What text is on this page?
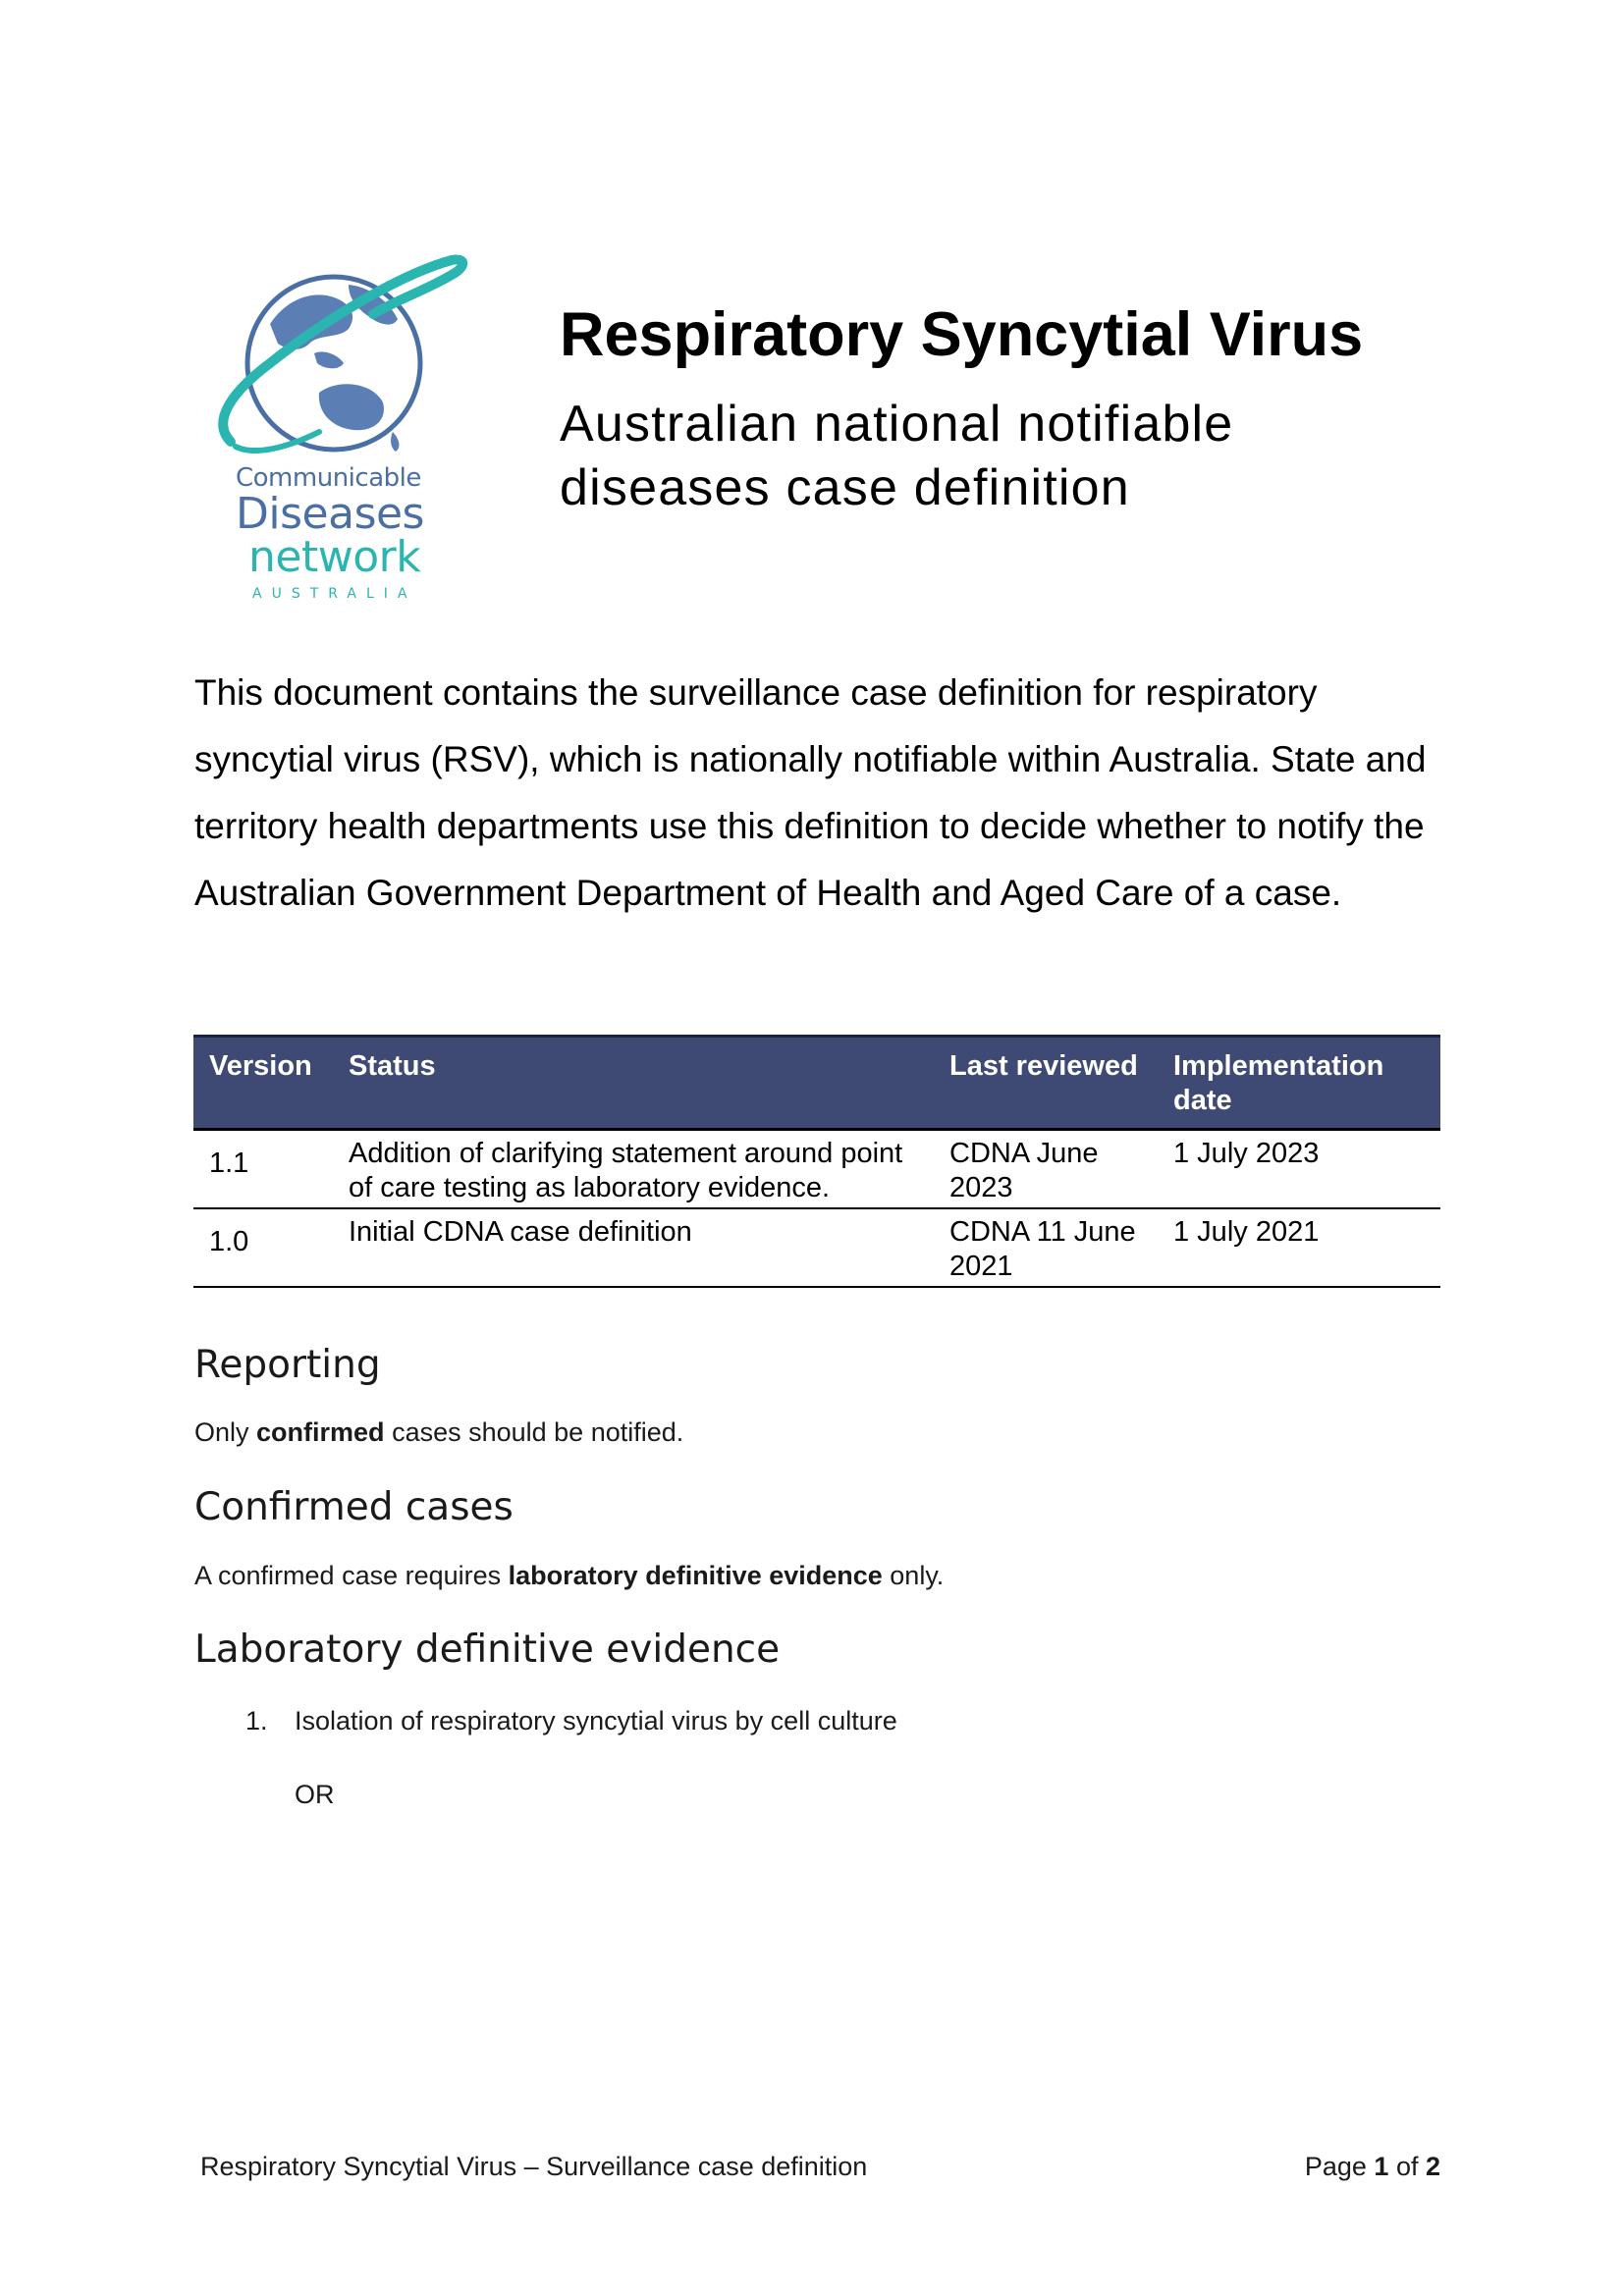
Communicable
Diseases
network
AUSTRALIA
Respiratory Syncytial Virus
Australian national notifiable diseases case definition
This document contains the surveillance case definition for respiratory syncytial virus (RSV), which is nationally notifiable within Australia. State and territory health departments use this definition to decide whether to notify the Australian Government Department of Health and Aged Care of a case.
Version	Status	Last reviewed	Implementation date
1.1	Addition of clarifying statement around point of care testing as laboratory evidence.	CDNA June 2023	1 July 2023
1.0	Initial CDNA case definition	CDNA 11 June 2021	1 July 2021
Reporting
Only confirmed cases should be notified.
Confirmed cases
A confirmed case requires laboratory definitive evidence only.
Laboratory definitive evidence
1. Isolation of respiratory syncytial virus by cell culture
OR
Respiratory Syncytial Virus – Surveillance case definition	Page 1 of 2
